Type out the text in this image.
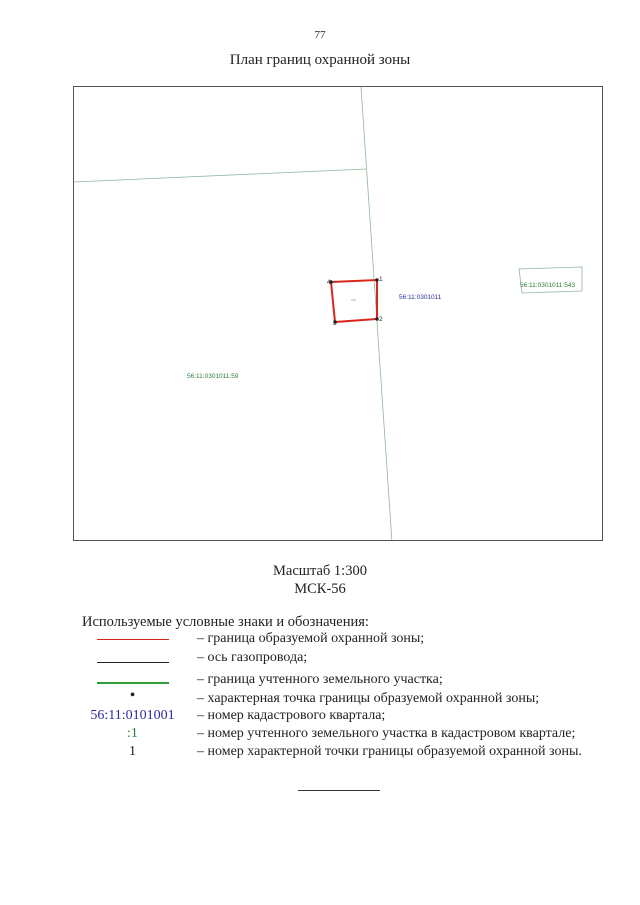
77
План границ охранной зоны
1
2
3
4
56:11:0301011
56:11:0301011:543
56:11:0301011:59
Масштаб 1:300
МСК-56
Используемые условные знаки и обозначения:
– граница образуемой охранной зоны;
– ось газопровода;
– граница учтенного земельного участка;
•	– характерная точка границы образуемой охранной зоны;
56:11:0101001	– номер кадастрового квартала;
:1	– номер учтенного земельного участка в кадастровом квартале;
1	– номер характерной точки границы образуемой охранной зоны.
